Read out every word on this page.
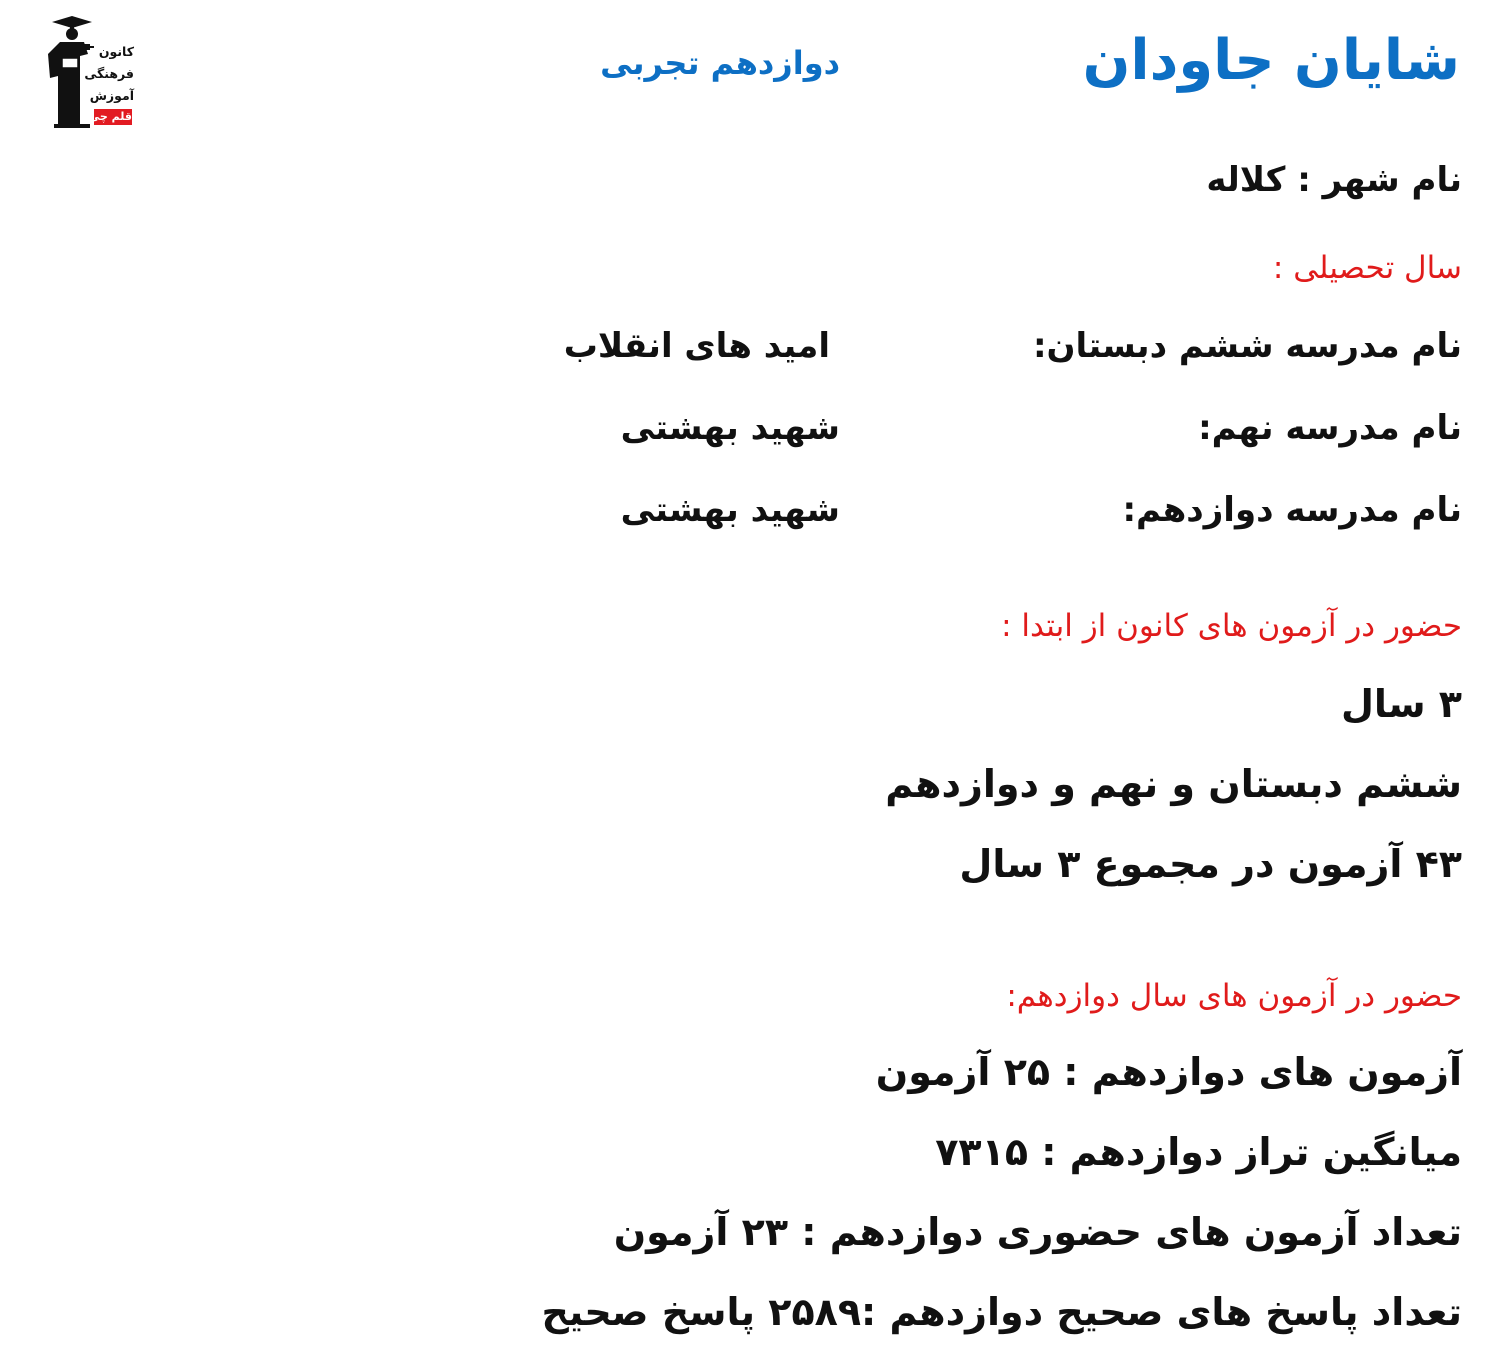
کانون
فرهنگی
آموزش
قلم چی
شایان جاودان
دوازدهم تجربی
نام شهر : کلاله
سال تحصیلی :
نام مدرسه ششم دبستان:
امید های انقلاب
نام مدرسه نهم:
شهید بهشتی
نام مدرسه دوازدهم:
شهید بهشتی
حضور در آزمون های کانون از ابتدا :
۳ سال
ششم دبستان و نهم و دوازدهم
۴۳ آزمون در مجموع ۳ سال
حضور در آزمون های سال دوازدهم:
آزمون های دوازدهم : ۲۵ آزمون
میانگین تراز دوازدهم : ۷۳۱۵
تعداد آزمون های حضوری دوازدهم : ۲۳ آزمون
تعداد پاسخ های صحیح دوازدهم :۲۵۸۹ پاسخ صحیح
